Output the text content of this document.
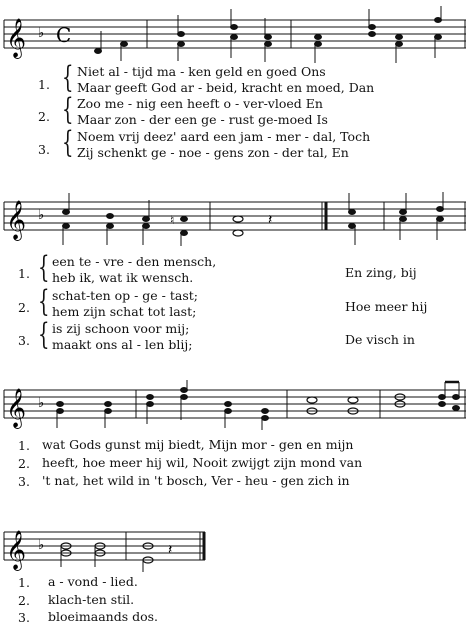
𝄞 ♭ C
1. { Niet al - tijd ma - ken geld en goed Ons
Maar geeft God ar - beid, kracht en moed, Dan
2. { Zoo me - nig een heeft o - ver-vloed En
Maar zon - der een ge - rust ge-moed Is
3. { Noem vrij deez' aard een jam - mer - dal, Toch
Zij schenkt ge - noe - gens zon - der tal, En
𝄞 ♭	♮	𝄽
1. { een te - vre - den mensch,
heb ik, wat ik wensch.	En zing, bij
2. { schat-ten op - ge - tast;
hem zijn schat tot last;	Hoe meer hij
3. { is zij schoon voor mij;
maakt ons al - len blij;	De visch in
𝄞 ♭
1. wat Gods gunst mij biedt, Mijn mor - gen en mijn
2. heeft, hoe meer hij wil, Nooit zwijgt zijn mond van
3. 't nat, het wild in 't bosch, Ver - heu - gen zich in
𝄞 ♭	𝄽
1. a - vond - lied.
2. klach-ten stil.
3. bloeimaands dos.
